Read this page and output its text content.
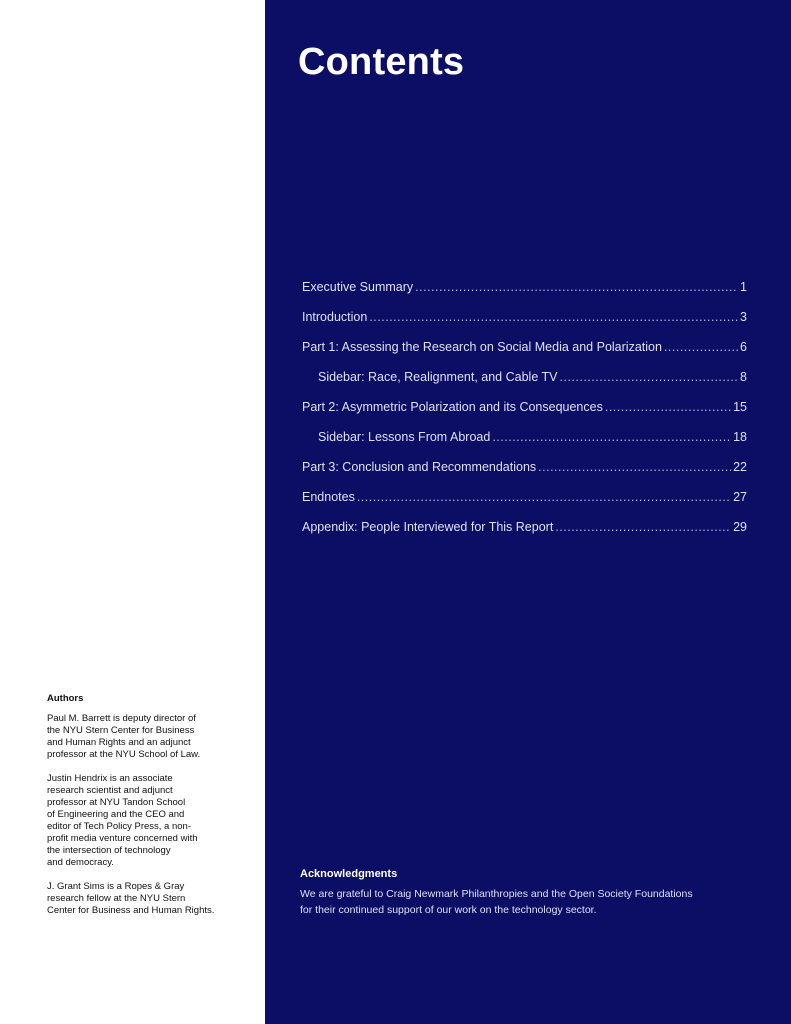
Authors

Paul M. Barrett is deputy director of
the NYU Stern Center for Business
and Human Rights and an adjunct
professor at the NYU School of Law.

Justin Hendrix is an associate
research scientist and adjunct
professor at NYU Tandon School
of Engineering and the CEO and
editor of Tech Policy Press, a non-
profit media venture concerned with
the intersection of technology
and democracy.

J. Grant Sims is a Ropes & Gray
research fellow at the NYU Stern
Center for Business and Human Rights.

Contents
Executive Summary .....	1
Introduction .....	3
Part 1: Assessing the Research on Social Media and Polarization .....	6
Sidebar: Race, Realignment, and Cable TV .....	8
Part 2: Asymmetric Polarization and its Consequences .....	15
Sidebar: Lessons From Abroad .....	18
Part 3: Conclusion and Recommendations .....	22
Endnotes .....	27
Appendix: People Interviewed for This Report .....	29
Acknowledgments

We are grateful to Craig Newmark Philanthropies and the Open Society Foundations
for their continued support of our work on the technology sector.
